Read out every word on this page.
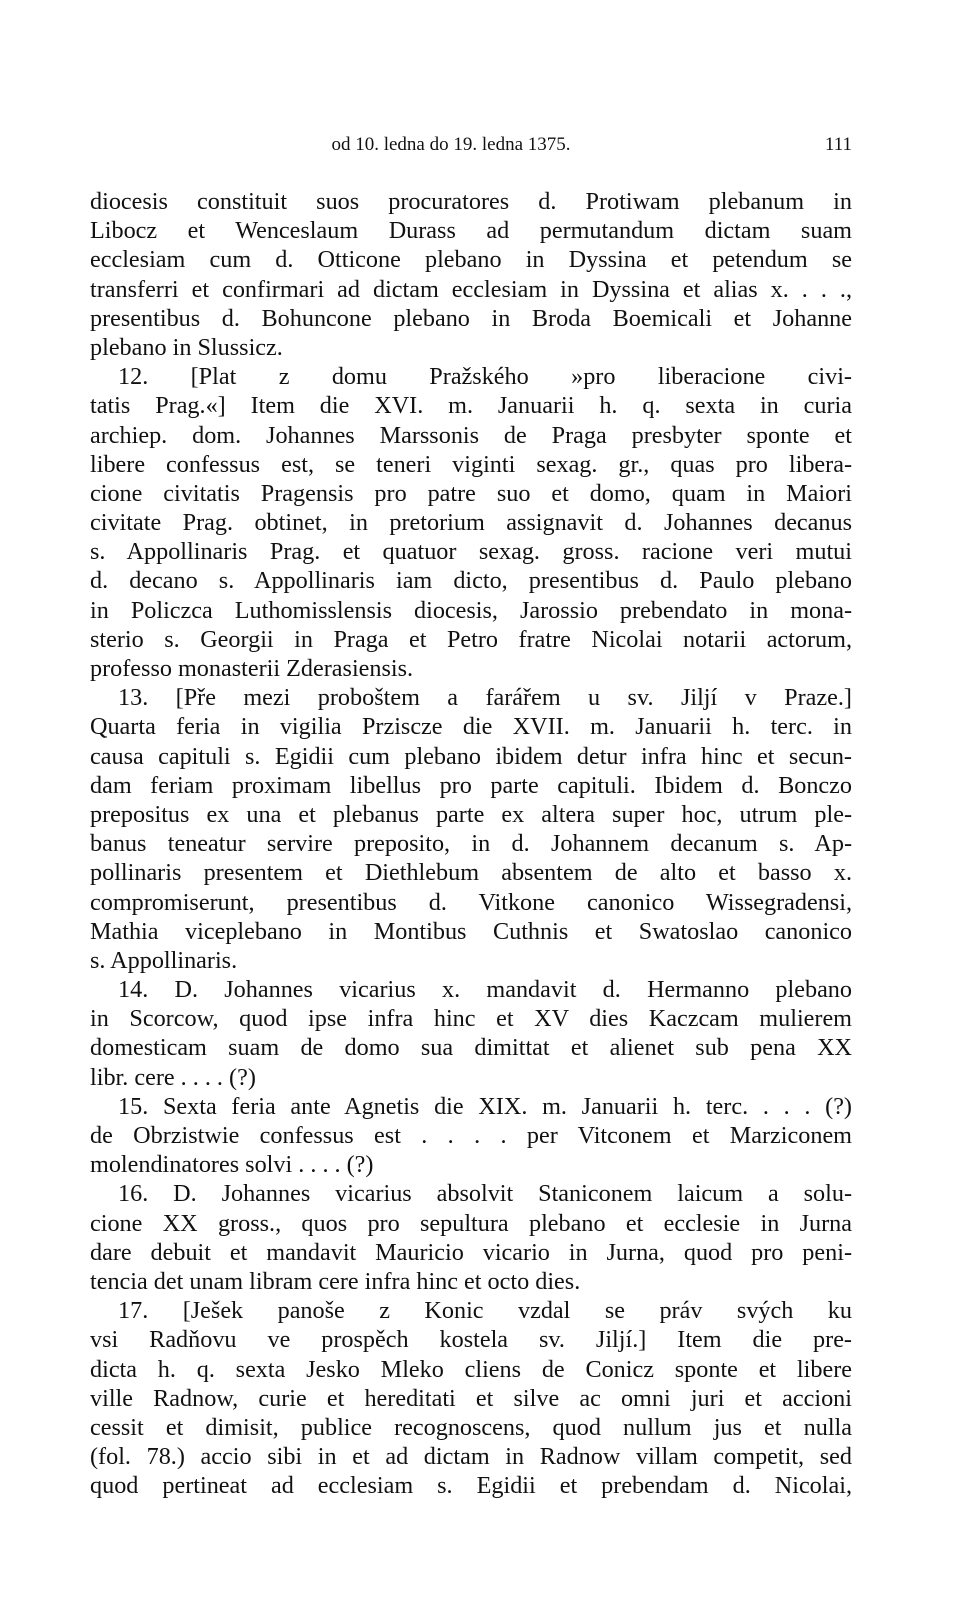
od 10. ledna do 19. ledna 1375.	111
diocesis constituit suos procuratores d. Protiwam plebanum in
Libocz et Wenceslaum Durass ad permutandum dictam suam
ecclesiam cum d. Otticone plebano in Dyssina et petendum se
transferri et confirmari ad dictam ecclesiam in Dyssina et alias x. . . .,
presentibus d. Bohuncone plebano in Broda Boemicali et Johanne
plebano in Slussicz.
12. [Plat z domu Pražského »pro liberacione civi-
tatis Prag.«] Item die XVI. m. Januarii h. q. sexta in curia
archiep. dom. Johannes Marssonis de Praga presbyter sponte et
libere confessus est, se teneri viginti sexag. gr., quas pro libera-
cione civitatis Pragensis pro patre suo et domo, quam in Maiori
civitate Prag. obtinet, in pretorium assignavit d. Johannes decanus
s. Appollinaris Prag. et quatuor sexag. gross. racione veri mutui
d. decano s. Appollinaris iam dicto, presentibus d. Paulo plebano
in Policzca Luthomisslensis diocesis, Jarossio prebendato in mona-
sterio s. Georgii in Praga et Petro fratre Nicolai notarii actorum,
professo monasterii Zderasiensis.
13. [Pře mezi proboštem a farářem u sv. Jiljí v Praze.]
Quarta feria in vigilia Prziscze die XVII. m. Januarii h. terc. in
causa capituli s. Egidii cum plebano ibidem detur infra hinc et secun-
dam feriam proximam libellus pro parte capituli. Ibidem d. Bonczo
prepositus ex una et plebanus parte ex altera super hoc, utrum ple-
banus teneatur servire preposito, in d. Johannem decanum s. Ap-
pollinaris presentem et Diethlebum absentem de alto et basso x.
compromiserunt, presentibus d. Vitkone canonico Wissegradensi,
Mathia viceplebano in Montibus Cuthnis et Swatoslao canonico
s. Appollinaris.
14. D. Johannes vicarius x. mandavit d. Hermanno plebano
in Scorcow, quod ipse infra hinc et XV dies Kaczcam mulierem
domesticam suam de domo sua dimittat et alienet sub pena XX
libr. cere . . . . (?)
15. Sexta feria ante Agnetis die XIX. m. Januarii h. terc. . . . (?)
de Obrzistwie confessus est . . . . per Vitconem et Marziconem
molendinatores solvi . . . . (?)
16. D. Johannes vicarius absolvit Staniconem laicum a solu-
cione XX gross., quos pro sepultura plebano et ecclesie in Jurna
dare debuit et mandavit Mauricio vicario in Jurna, quod pro peni-
tencia det unam libram cere infra hinc et octo dies.
17. [Ješek panoše z Konic vzdal se práv svých ku
vsi Radňovu ve prospěch kostela sv. Jiljí.] Item die pre-
dicta h. q. sexta Jesko Mleko cliens de Conicz sponte et libere
ville Radnow, curie et hereditati et silve ac omni juri et accioni
cessit et dimisit, publice recognoscens, quod nullum jus et nulla
(fol. 78.) accio sibi in et ad dictam in Radnow villam competit, sed
quod pertineat ad ecclesiam s. Egidii et prebendam d. Nicolai,
